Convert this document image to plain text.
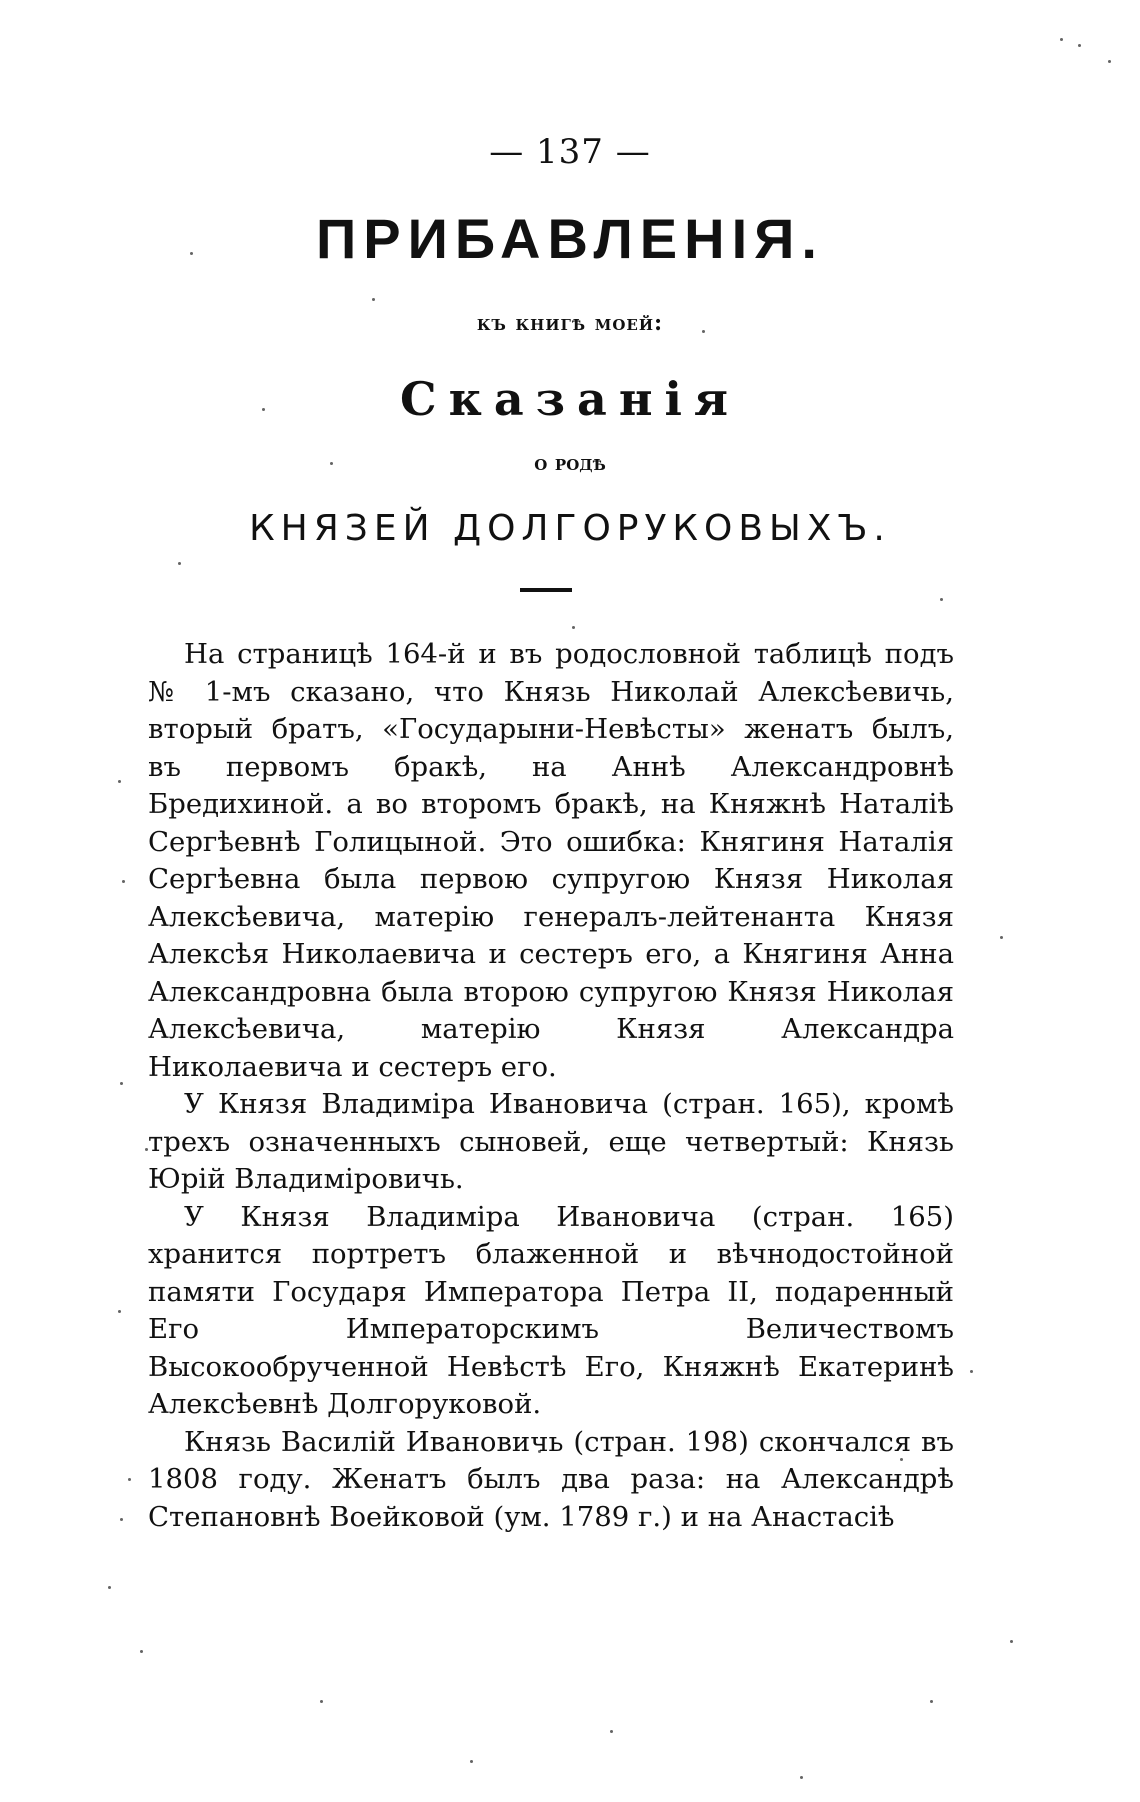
— 137 —
ПРИБАВЛЕНІЯ.
къ книгѣ моей:
Сказанія
о родѣ
КНЯЗЕЙ ДОЛГОРУКОВЫХЪ.

На страницѣ 164-й и въ родословной таблицѣ подъ № 1-мъ сказано, что Князь Николай Алексѣевичь, вторый братъ, «Государыни-Невѣсты» женатъ былъ, въ первомъ бракѣ, на Аннѣ Александровнѣ Бредихиной. а во второмъ бракѣ, на Княжнѣ Наталіѣ Сергѣевнѣ Голицыной. Это ошибка: Княгиня Наталія Сергѣевна была первою супругою Князя Николая Алексѣевича, матерію генералъ-лейтенанта Князя Алексѣя Николаевича и сестеръ его, а Княгиня Анна Александровна была второю супругою Князя Николая Алексѣевича, матерію Князя Александра Николаевича и сестеръ его.

У Князя Владиміра Ивановича (стран. 165), кромѣ трехъ означенныхъ сыновей, еще четвертый: Князь Юрій Владиміровичь.

У Князя Владиміра Ивановича (стран. 165) хранится портретъ блаженной и вѣчнодостойной памяти Государя Императора Петра II, подаренный Его Императорскимъ Величествомъ Высокообрученной Невѣстѣ Его, Княжнѣ Екатеринѣ Алексѣевнѣ Долгоруковой.

Князь Василій Ивановичь (стран. 198) скончался въ 1808 году. Женатъ былъ два раза: на Александрѣ Степановнѣ Воейковой (ум. 1789 г.) и на Анастасіѣ
